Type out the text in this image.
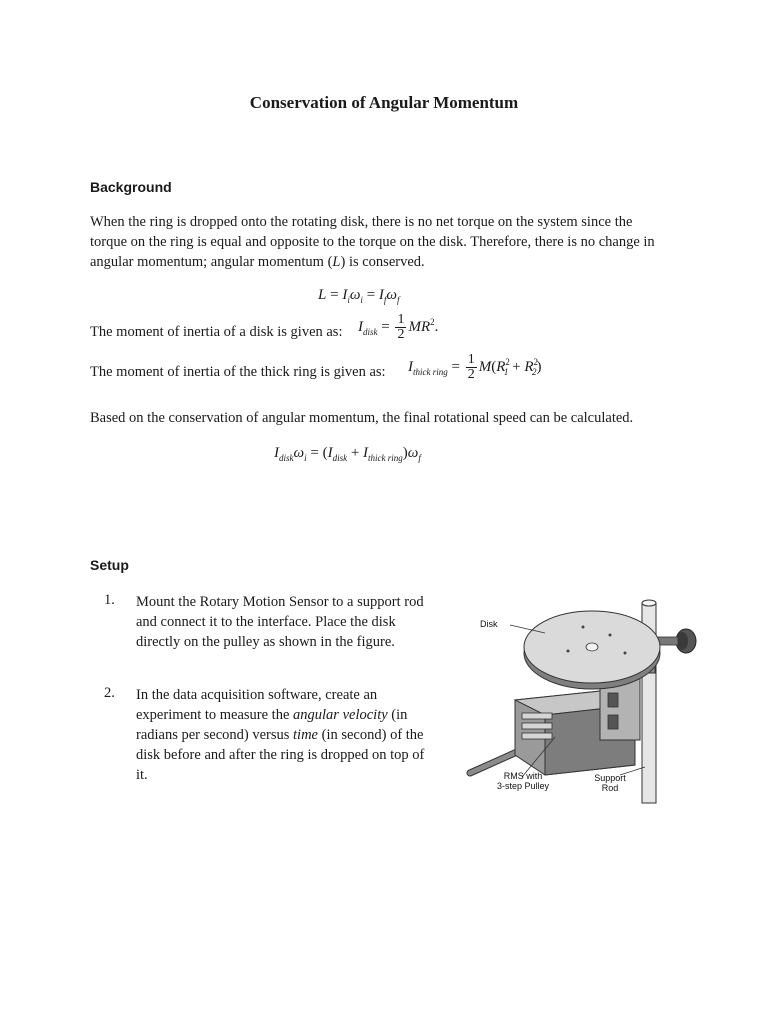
Conservation of Angular Momentum
Background
When the ring is dropped onto the rotating disk, there is no net torque on the system since the
torque on the ring is equal and opposite to the torque on the disk. Therefore, there is no change in
angular momentum; angular momentum (L) is conserved.
$L = I_i\omega_i = I_f\omega_f$
The moment of inertia of a disk is given as: $I_{disk} = \frac{1}{2} MR^2$.
The moment of inertia of the thick ring is given as: $I_{thick ring} = \frac{1}{2} M(R^2_1 + R^2_2)$
Based on the conservation of angular momentum, the final rotational speed can be calculated.
$I_{disk}\omega_i = (I_{disk} + I_{thick ring})\omega_f$
Setup
1. Mount the Rotary Motion Sensor to a support rod
and connect it to the interface. Place the disk
directly on the pulley as shown in the figure.
2. In the data acquisition software, create an
experiment to measure the angular velocity (in
radians per second) versus time (in second) of the
disk before and after the ring is dropped on top of
it.
Disk
RMS with
3-step Pulley
Support
Rod
